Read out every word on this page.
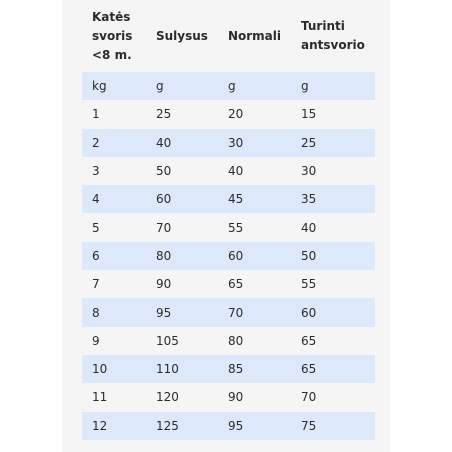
Katės svoris <8 m.	Sulysus	Normali	Turinti antsvorio
kg	g	g	g
1	25	20	15
2	40	30	25
3	50	40	30
4	60	45	35
5	70	55	40
6	80	60	50
7	90	65	55
8	95	70	60
9	105	80	65
10	110	85	65
11	120	90	70
12	125	95	75
